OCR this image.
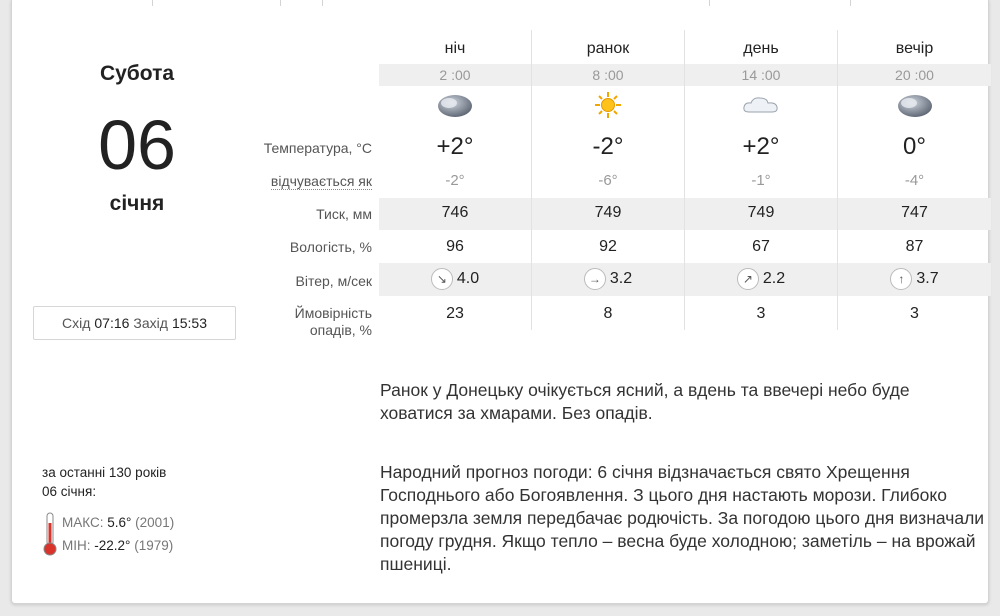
Субота
06
січня
Схід 07:16 Захід 15:53
за останні 130 років
06 січня:
МАКС: 5.6° (2001)
МІН: -22.2° (1979)
Температура, °C
відчувається як
Тиск, мм
Вологість, %
Вітер, м/сек
Ймовірність
опадів, %
ніч
2 :00
+2°
-2°
746
96
↘ 4.0
23
ранок
8 :00
-2°
-6°
749
92
→ 3.2
8
день
14 :00
+2°
-1°
749
67
↗ 2.2
3
вечір
20 :00
0°
-4°
747
87
↑ 3.7
3
Ранок у Донецьку очікується ясний, а вдень та ввечері небо буде ховатися за хмарами. Без опадів.
Народний прогноз погоди: 6 січня відзначається свято Хрещення Господнього або Богоявлення. З цього дня настають морози. Глибоко промерзла земля передбачає родючість. За погодою цього дня визначали погоду грудня. Якщо тепло – весна буде холодною; заметіль – на врожай пшениці.
